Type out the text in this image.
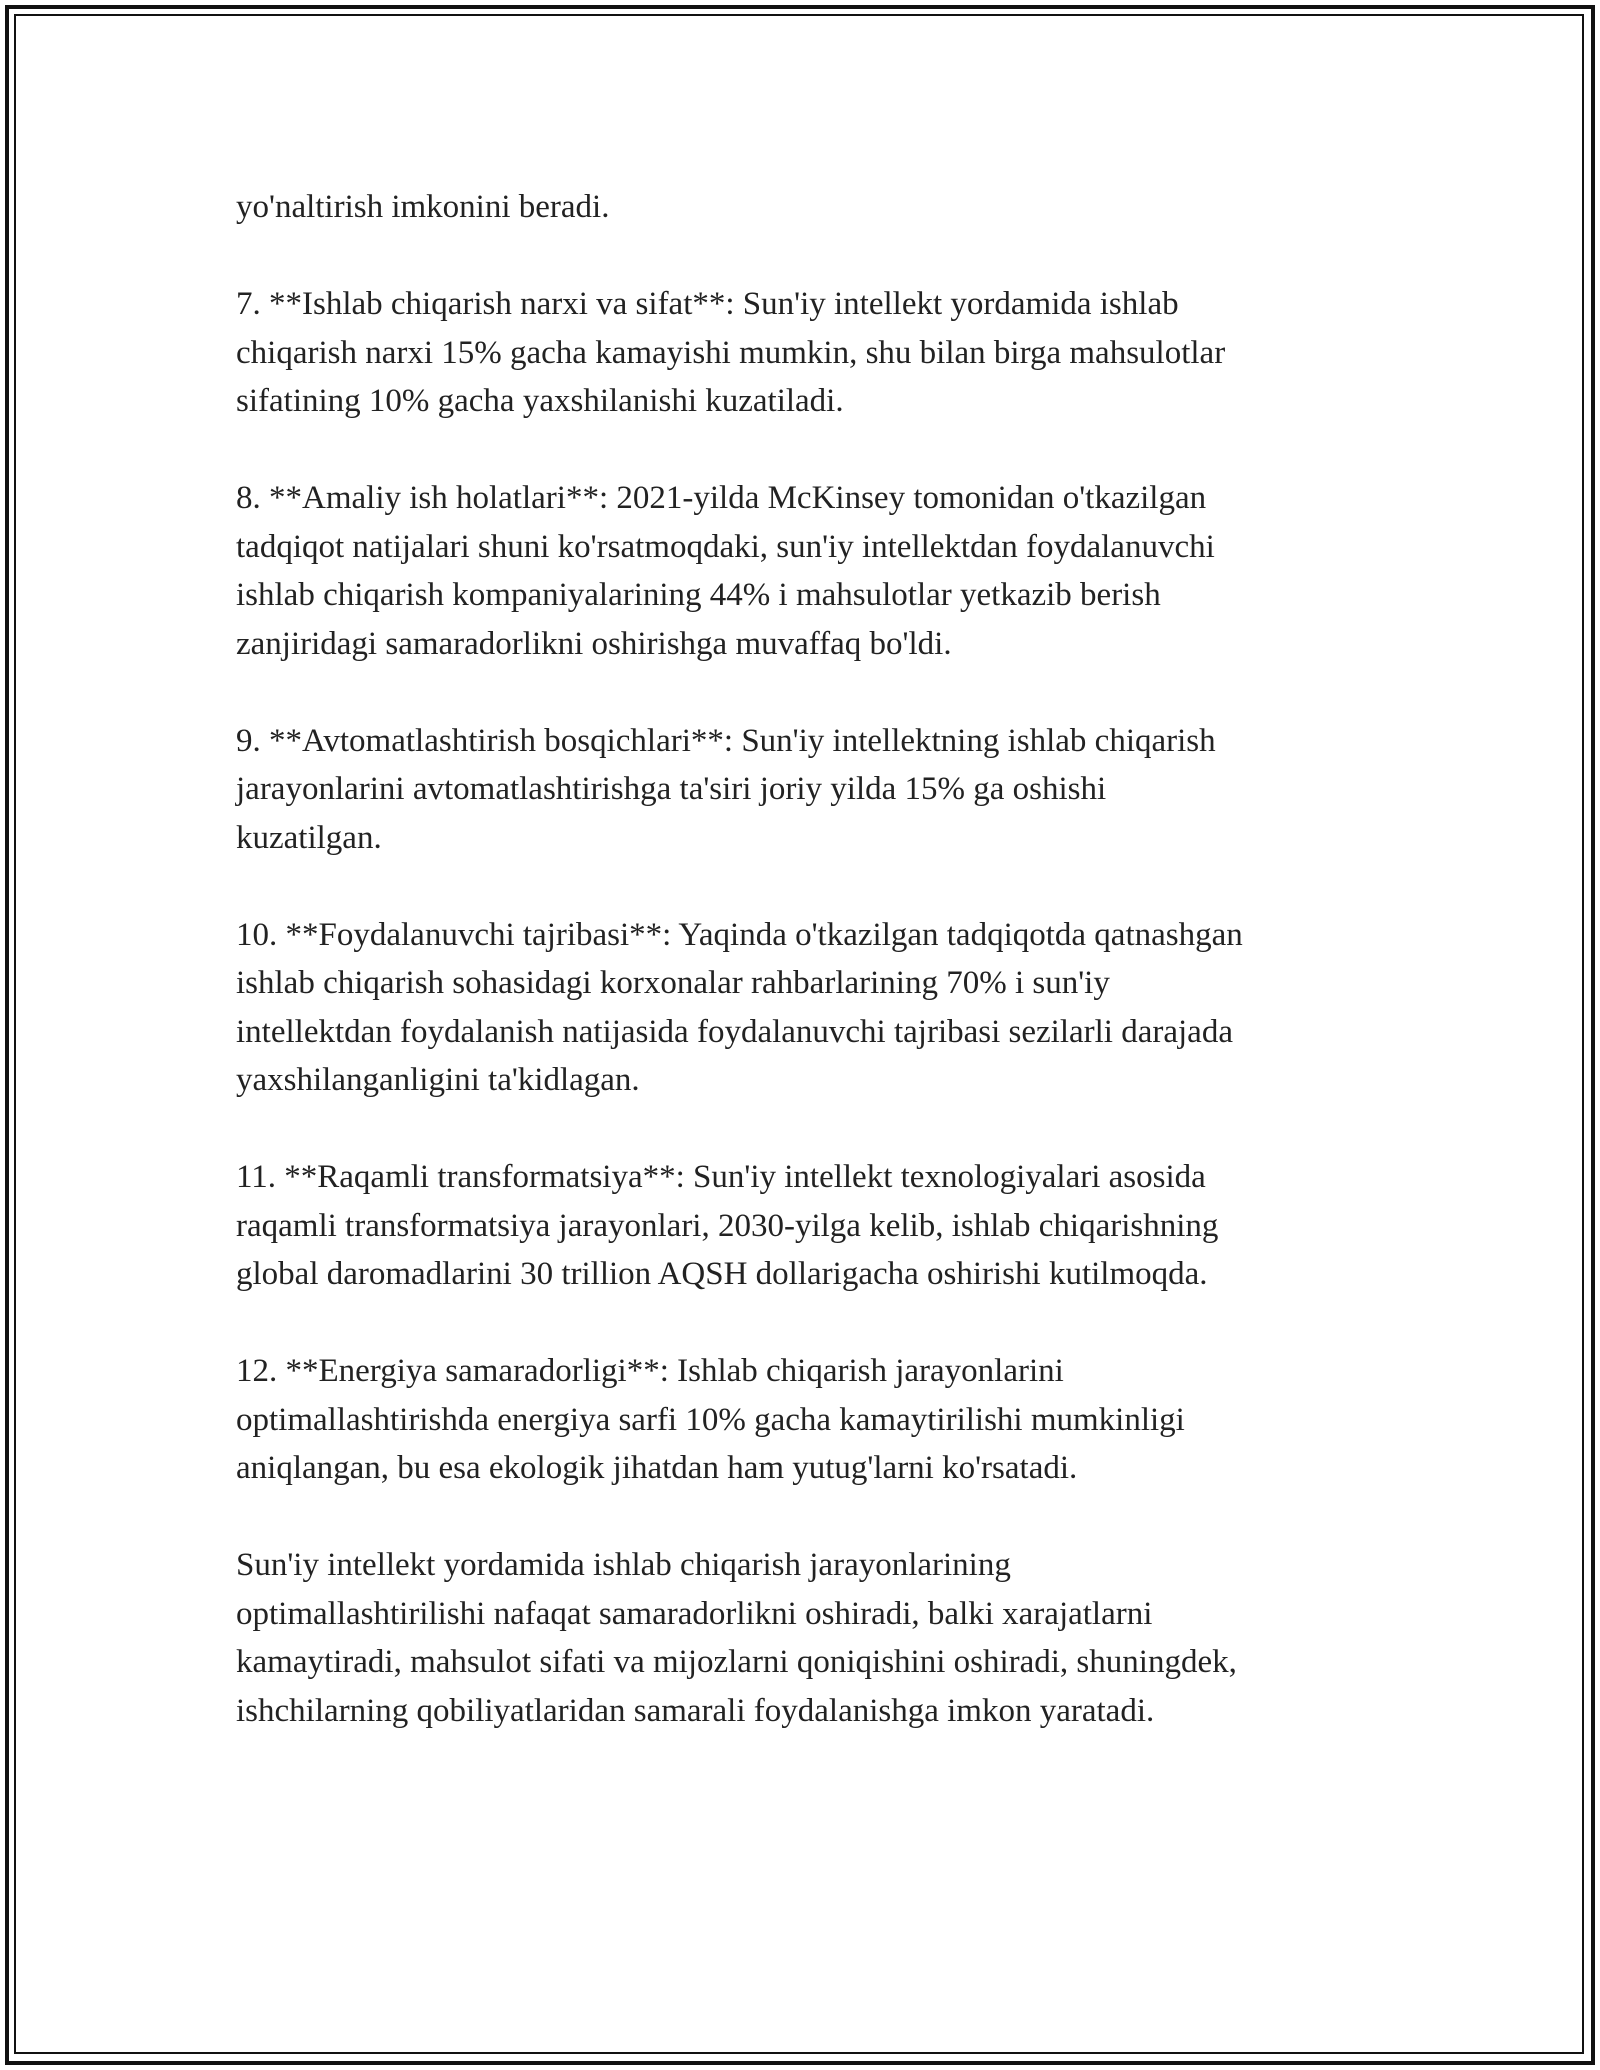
yo'naltirish imkonini beradi.

7. **Ishlab chiqarish narxi va sifat**: Sun'iy intellekt yordamida ishlab
chiqarish narxi 15% gacha kamayishi mumkin, shu bilan birga mahsulotlar
sifatining 10% gacha yaxshilanishi kuzatiladi.

8. **Amaliy ish holatlari**: 2021-yilda McKinsey tomonidan o'tkazilgan
tadqiqot natijalari shuni ko'rsatmoqdaki, sun'iy intellektdan foydalanuvchi
ishlab chiqarish kompaniyalarining 44% i mahsulotlar yetkazib berish
zanjiridagi samaradorlikni oshirishga muvaffaq bo'ldi.

9. **Avtomatlashtirish bosqichlari**: Sun'iy intellektning ishlab chiqarish
jarayonlarini avtomatlashtirishga ta'siri joriy yilda 15% ga oshishi
kuzatilgan.

10. **Foydalanuvchi tajribasi**: Yaqinda o'tkazilgan tadqiqotda qatnashgan
ishlab chiqarish sohasidagi korxonalar rahbarlarining 70% i sun'iy
intellektdan foydalanish natijasida foydalanuvchi tajribasi sezilarli darajada
yaxshilanganligini ta'kidlagan.

11. **Raqamli transformatsiya**: Sun'iy intellekt texnologiyalari asosida
raqamli transformatsiya jarayonlari, 2030-yilga kelib, ishlab chiqarishning
global daromadlarini 30 trillion AQSH dollarigacha oshirishi kutilmoqda.

12. **Energiya samaradorligi**: Ishlab chiqarish jarayonlarini
optimallashtirishda energiya sarfi 10% gacha kamaytirilishi mumkinligi
aniqlangan, bu esa ekologik jihatdan ham yutug'larni ko'rsatadi.

Sun'iy intellekt yordamida ishlab chiqarish jarayonlarining
optimallashtirilishi nafaqat samaradorlikni oshiradi, balki xarajatlarni
kamaytiradi, mahsulot sifati va mijozlarni qoniqishini oshiradi, shuningdek,
ishchilarning qobiliyatlaridan samarali foydalanishga imkon yaratadi.
